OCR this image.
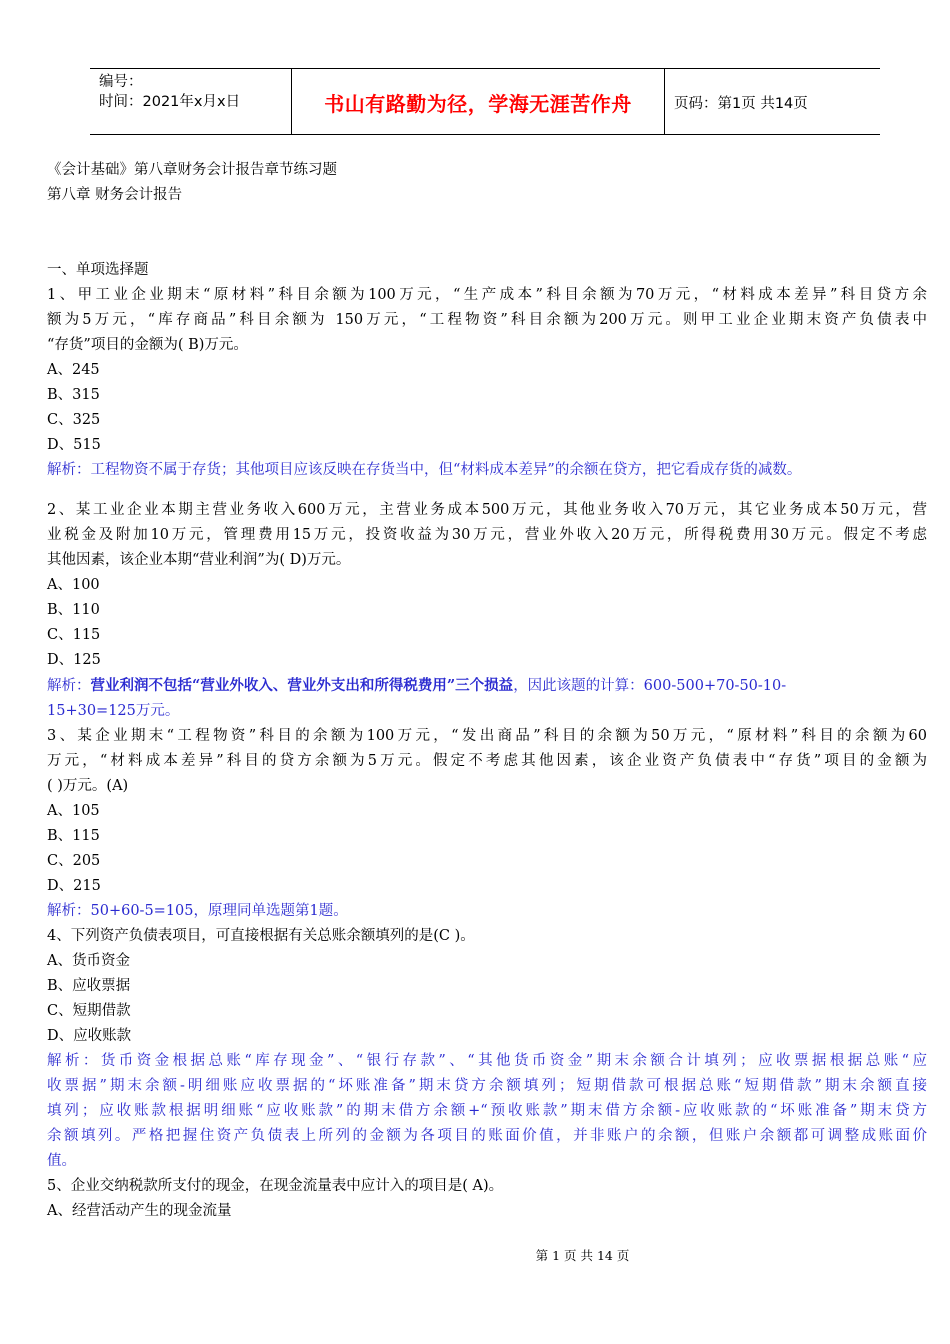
编号：
时间：2021年x月x日	书山有路勤为径，学海无涯苦作舟	页码：第1页 共14页
《会计基础》第八章财务会计报告章节练习题
第八章 财务会计报告
一、单项选择题
1、甲工业企业期末“原材料”科目余额为100万元，“生产成本”科目余额为70万元，“材料成本差异”科目贷方余
额为5万元，“库存商品”科目余额为 150万元，“工程物资”科目余额为200万元。则甲工业企业期末资产负债表中
“存货”项目的金额为( B)万元。
A、245
B、315
C、325
D、515
解析：工程物资不属于存货；其他项目应该反映在存货当中，但“材料成本差异”的余额在贷方，把它看成存货的减数。
2、某工业企业本期主营业务收入600万元，主营业务成本500万元，其他业务收入70万元，其它业务成本50万元，营
业税金及附加10万元，管理费用15万元，投资收益为30万元，营业外收入20万元，所得税费用30万元。假定不考虑
其他因素，该企业本期“营业利润”为( D)万元。
A、100
B、110
C、115
D、125
解析：营业利润不包括“营业外收入、营业外支出和所得税费用”三个损益，因此该题的计算：600-500+70-50-10-
15+30=125万元。
3、某企业期末“工程物资”科目的余额为100万元，“发出商品”科目的余额为50万元，“原材料”科目的余额为60
万元，“材料成本差异”科目的贷方余额为5万元。假定不考虑其他因素，该企业资产负债表中“存货”项目的金额为
( )万元。(A)
A、105
B、115
C、205
D、215
解析：50+60-5=105，原理同单选题第1题。
4、下列资产负债表项目，可直接根据有关总账余额填列的是(C )。
A、货币资金
B、应收票据
C、短期借款
D、应收账款
解析：货币资金根据总账“库存现金”、“银行存款”、“其他货币资金”期末余额合计填列；应收票据根据总账“应
收票据”期末余额-明细账应收票据的“坏账准备”期末贷方余额填列；短期借款可根据总账“短期借款”期末余额直接
填列；应收账款根据明细账“应收账款”的期末借方余额+“预收账款”期末借方余额-应收账款的“坏账准备”期末贷方
余额填列。严格把握住资产负债表上所列的金额为各项目的账面价值，并非账户的余额，但账户余额都可调整成账面价
值。
5、企业交纳税款所支付的现金，在现金流量表中应计入的项目是( A)。
A、经营活动产生的现金流量
第 1 页 共 14 页
